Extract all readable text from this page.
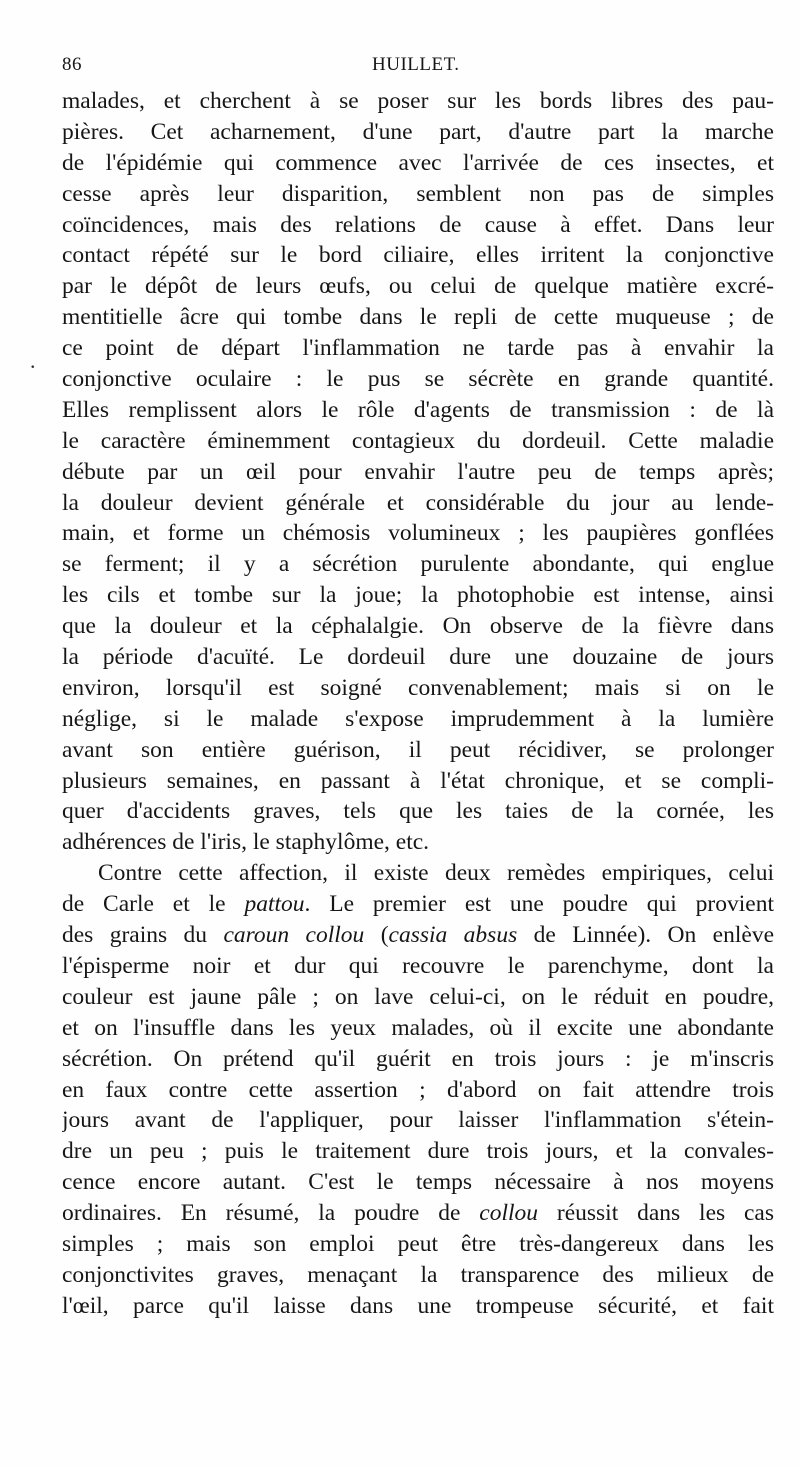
86	HUILLET.
.
malades, et cherchent à se poser sur les bords libres des pau-
pières. Cet acharnement, d'une part, d'autre part la marche
de l'épidémie qui commence avec l'arrivée de ces insectes, et
cesse après leur disparition, semblent non pas de simples
coïncidences, mais des relations de cause à effet. Dans leur
contact répété sur le bord ciliaire, elles irritent la conjonctive
par le dépôt de leurs œufs, ou celui de quelque matière excré-
mentitielle âcre qui tombe dans le repli de cette muqueuse ; de
ce point de départ l'inflammation ne tarde pas à envahir la
conjonctive oculaire : le pus se sécrète en grande quantité.
Elles remplissent alors le rôle d'agents de transmission : de là
le caractère éminemment contagieux du dordeuil. Cette maladie
débute par un œil pour envahir l'autre peu de temps après;
la douleur devient générale et considérable du jour au lende-
main, et forme un chémosis volumineux ; les paupières gonflées
se ferment; il y a sécrétion purulente abondante, qui englue
les cils et tombe sur la joue; la photophobie est intense, ainsi
que la douleur et la céphalalgie. On observe de la fièvre dans
la période d'acuïté. Le dordeuil dure une douzaine de jours
environ, lorsqu'il est soigné convenablement; mais si on le
néglige, si le malade s'expose imprudemment à la lumière
avant son entière guérison, il peut récidiver, se prolonger
plusieurs semaines, en passant à l'état chronique, et se compli-
quer d'accidents graves, tels que les taies de la cornée, les
adhérences de l'iris, le staphylôme, etc.
Contre cette affection, il existe deux remèdes empiriques, celui
de Carle et le pattou. Le premier est une poudre qui provient
des grains du caroun collou (cassia absus de Linnée). On enlève
l'épisperme noir et dur qui recouvre le parenchyme, dont la
couleur est jaune pâle ; on lave celui-ci, on le réduit en poudre,
et on l'insuffle dans les yeux malades, où il excite une abondante
sécrétion. On prétend qu'il guérit en trois jours : je m'inscris
en faux contre cette assertion ; d'abord on fait attendre trois
jours avant de l'appliquer, pour laisser l'inflammation s'étein-
dre un peu ; puis le traitement dure trois jours, et la convales-
cence encore autant. C'est le temps nécessaire à nos moyens
ordinaires. En résumé, la poudre de collou réussit dans les cas
simples ; mais son emploi peut être très-dangereux dans les
conjonctivites graves, menaçant la transparence des milieux de
l'œil, parce qu'il laisse dans une trompeuse sécurité, et fait
